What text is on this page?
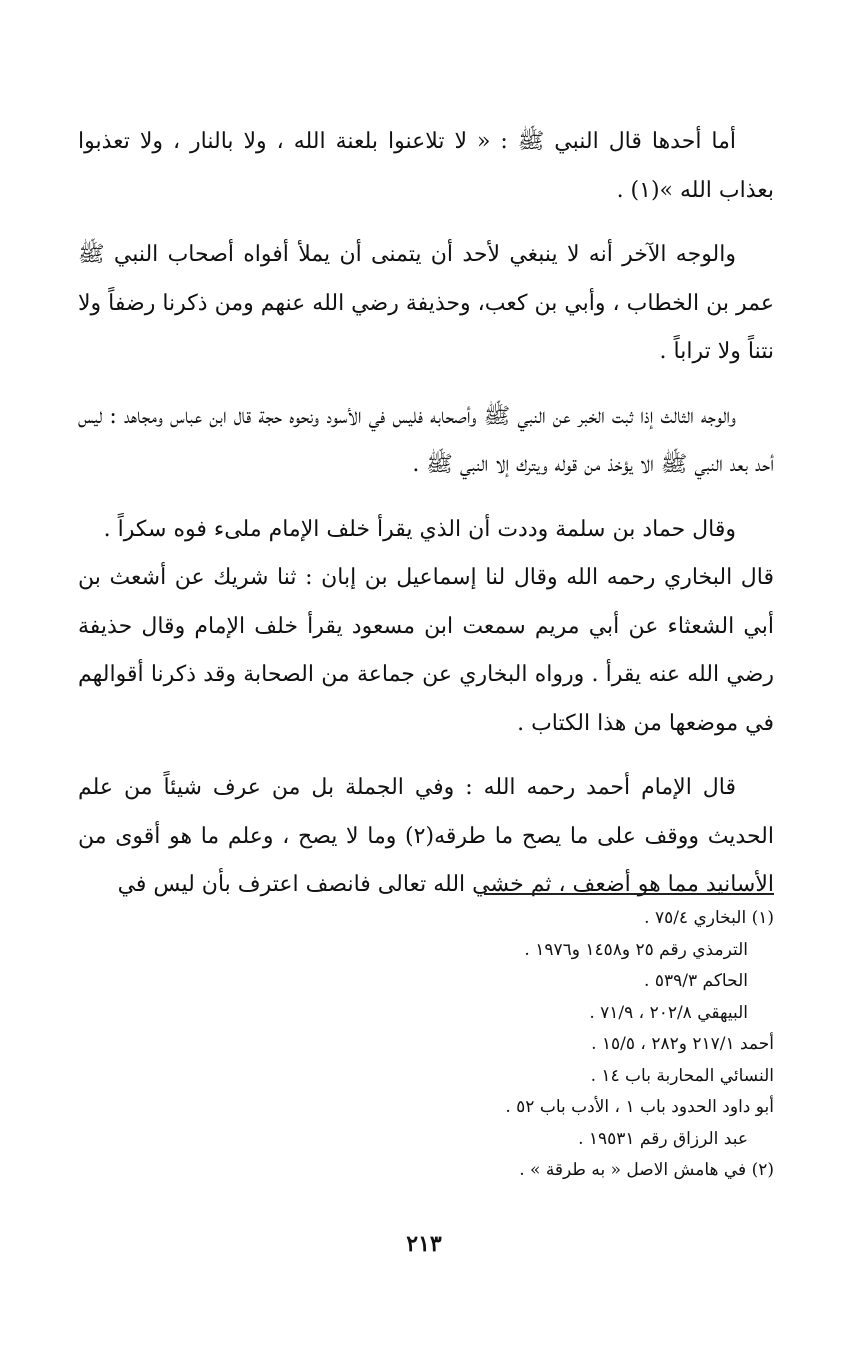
أما أحدها قال النبي ﷺ : « لا تلاعنوا بلعنة الله ، ولا بالنار ، ولا تعذبوا بعذاب الله »(١) .

والوجه الآخر أنه لا ينبغي لأحد أن يتمنى أن يملأ أفواه أصحاب النبي ﷺ عمر بن الخطاب ، وأبي بن كعب، وحذيفة رضي الله عنهم ومن ذكرنا رضفاً ولا نتناً ولا تراباً .

والوجه الثالث إذا ثبت الخبر عن النبي ﷺ وأصحابه فليس في الأسود ونحوه حجة قال ابن عباس ومجاهد : ليس أحد بعد النبي ﷺ الا يؤخذ من قوله ويترك إلا النبي ﷺ .

وقال حماد بن سلمة وددت أن الذي يقرأ خلف الإمام ملىء فوه سكراً .

قال البخاري رحمه الله وقال لنا إسماعيل بن إبان : ثنا شريك عن أشعث بن أبي الشعثاء عن أبي مريم سمعت ابن مسعود يقرأ خلف الإمام وقال حذيفة رضي الله عنه يقرأ . ورواه البخاري عن جماعة من الصحابة وقد ذكرنا أقوالهم في موضعها من هذا الكتاب .

قال الإمام أحمد رحمه الله : وفي الجملة بل من عرف شيئاً من علم الحديث ووقف على ما يصح ما طرقه(٢) وما لا يصح ، وعلم ما هو أقوى من الأسانيد مما هو أضعف ، ثم خشي الله تعالى فانصف اعترف بأن ليس في

(١) البخاري ٧٥/٤ .

الترمذي رقم ٢٥ و١٤٥٨ و١٩٧٦ .

الحاكم ٥٣٩/٣ .

البيهقي ٢٠٢/٨ ، ٧١/٩ .

أحمد ٢١٧/١ و٢٨٢ ، ١٥/٥ .

النسائي المحاربة باب ١٤ .

أبو داود الحدود باب ١ ، الأدب باب ٥٢ .

عبد الرزاق رقم ١٩٥٣١ .

(٢) في هامش الاصل « به طرقة » .

٢١٣
